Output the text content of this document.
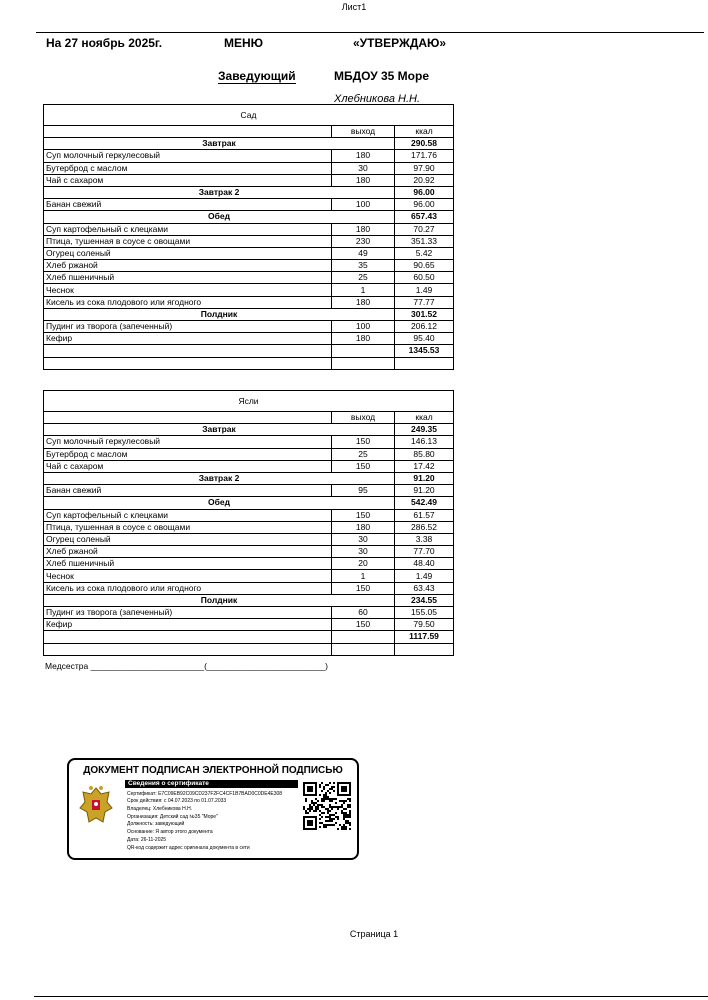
Лист1
На 27 ноябрь 2025г.	МЕНЮ	«УТВЕРЖДАЮ»
Заведующий	МБДОУ 35 Море
Хлебникова Н.Н.
Сад		
	выход	ккал
Завтрак		290.58
Суп молочный геркулесовый	180	171.76
Бутерброд с маслом	30	97.90
Чай с сахаром	180	20.92
Завтрак 2		96.00
Банан свежий	100	96.00
Обед		657.43
Суп картофельный с клецками	180	70.27
Птица, тушенная в соусе с овощами	230	351.33
Огурец соленый	49	5.42
Хлеб ржаной	35	90.65
Хлеб пшеничный	25	60.50
Чеснок	1	1.49
Кисель из сока плодового или ягодного	180	77.77
Полдник		301.52
Пудинг из творога (запеченный)	100	206.12
Кефир	180	95.40
		1345.53

Ясли		
	выход	ккал
Завтрак		249.35
Суп молочный геркулесовый	150	146.13
Бутерброд с маслом	25	85.80
Чай с сахаром	150	17.42
Завтрак 2		91.20
Банан свежий	95	91.20
Обед		542.49
Суп картофельный с клецками	150	61.57
Птица, тушенная в соусе с овощами	180	286.52
Огурец соленый	30	3.38
Хлеб ржаной	30	77.70
Хлеб пшеничный	20	48.40
Чеснок	1	1.49
Кисель из сока плодового или ягодного	150	63.43
Полдник		234.55
Пудинг из творога (запеченный)	60	155.05
Кефир	150	79.50
		1117.59

Медсестра ________________________(_________________________)
ДОКУМЕНТ ПОДПИСАН ЭЛЕКТРОННОЙ ПОДПИСЬЮ
Сведения о сертификате
Сертификат: E7C09EB92C09CD237F2FC4CF1B7BAD0C0DE4E308
Срок действия: с 04.07.2023 по 01.07.2033
Владелец: Хлебникова Н.Н.
Организация: Детский сад №35 "Море"
Должность: заведующий
Основание: Я автор этого документа
Дата: 26-11-2025
QR-код содержит адрес оригинала документа в сети
Страница 1
